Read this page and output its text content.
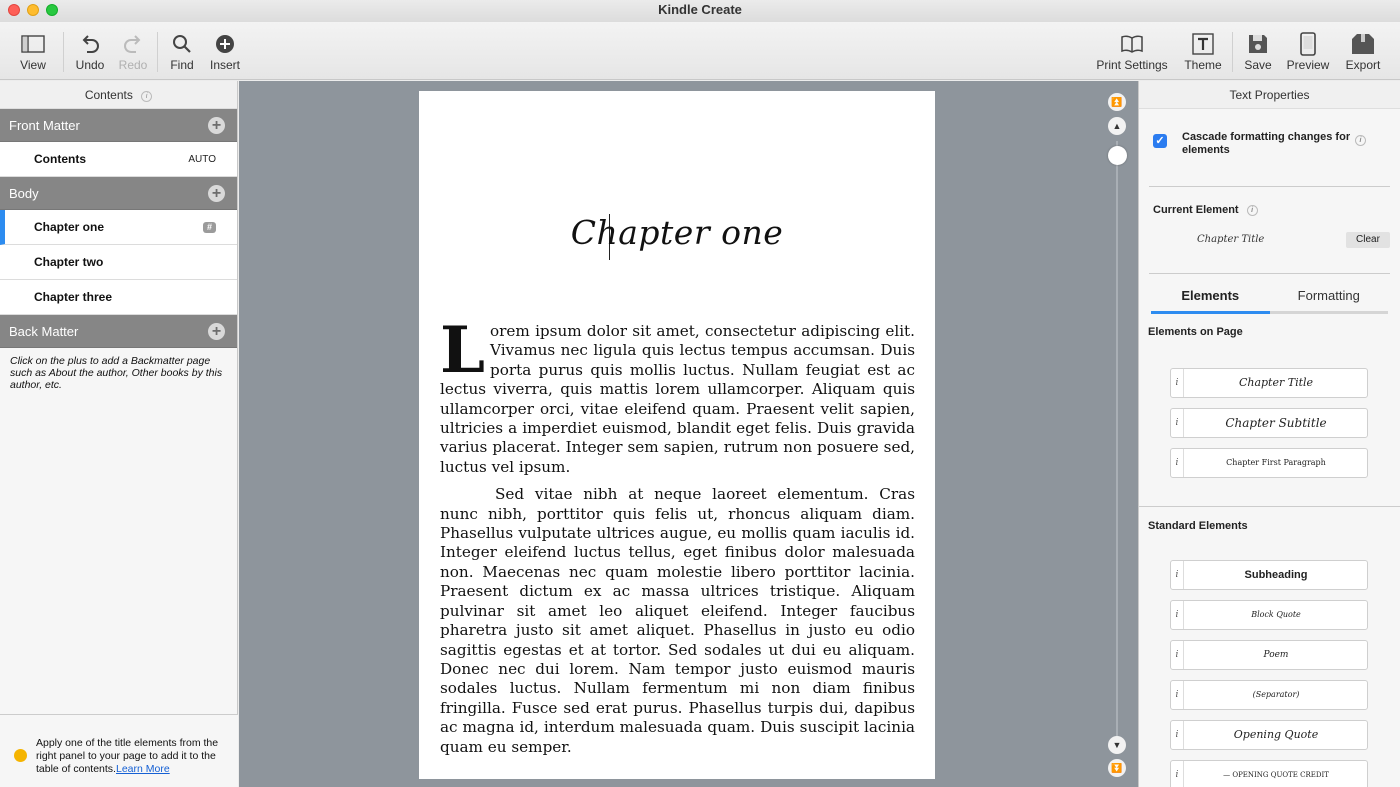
Kindle Create
View	Undo	Redo	Find	Insert	Print Settings Theme	Save	Preview	Export
Contents i
Front Matter	+
Contents	AUTO
Body	+
Chapter one	#
Chapter two
Chapter three
Back Matter	+
Click on the plus to add a Backmatter page such as About the author, Other books by this author, etc.
Apply one of the title elements from the right panel to your page to add it to the table of contents.Learn More
Chapter one

Lorem ipsum dolor sit amet, consectetur adipiscing elit. Vivamus nec ligula quis lectus tempus accumsan. Duis porta purus quis mollis luctus. Nullam feugiat est ac lectus viverra, quis mattis lorem ullamcorper. Aliquam quis ullamcorper orci, vitae eleifend quam. Praesent velit sapien, ultricies a imperdiet euismod, blandit eget felis. Duis gravida varius placerat. Integer sem sapien, rutrum non posuere sed, luctus vel ipsum.

Sed vitae nibh at neque laoreet elementum. Cras nunc nibh, porttitor quis felis ut, rhoncus aliquam diam. Phasellus vulputate ultrices augue, eu mollis quam iaculis id. Integer eleifend luctus tellus, eget finibus dolor malesuada non. Maecenas nec quam molestie libero porttitor lacinia. Praesent dictum ex ac massa ultrices tristique. Aliquam pulvinar sit amet leo aliquet eleifend. Integer faucibus pharetra justo sit amet aliquet. Phasellus in justo eu odio sagittis egestas et at tortor. Sed sodales ut dui eu aliquam. Donec nec dui lorem. Nam tempor justo euismod mauris sodales luctus. Nullam fermentum mi non diam finibus fringilla. Fusce sed erat purus. Phasellus turpis dui, dapibus ac magna id, interdum malesuada quam. Duis suscipit lacinia quam eu semper.

⏫
▲
▼
⏬
Text Properties
✓ Cascade formatting changes for elements
i
Current Element i
Chapter Title	Clear
Elements	Formatting
Elements on Page
i	Chapter Title
i	Chapter Subtitle
i	Chapter First Paragraph
Standard Elements
i	Subheading
i	Block Quote
i	Poem
i	(Separator)
i	Opening Quote
i	— OPENING QUOTE CREDIT
